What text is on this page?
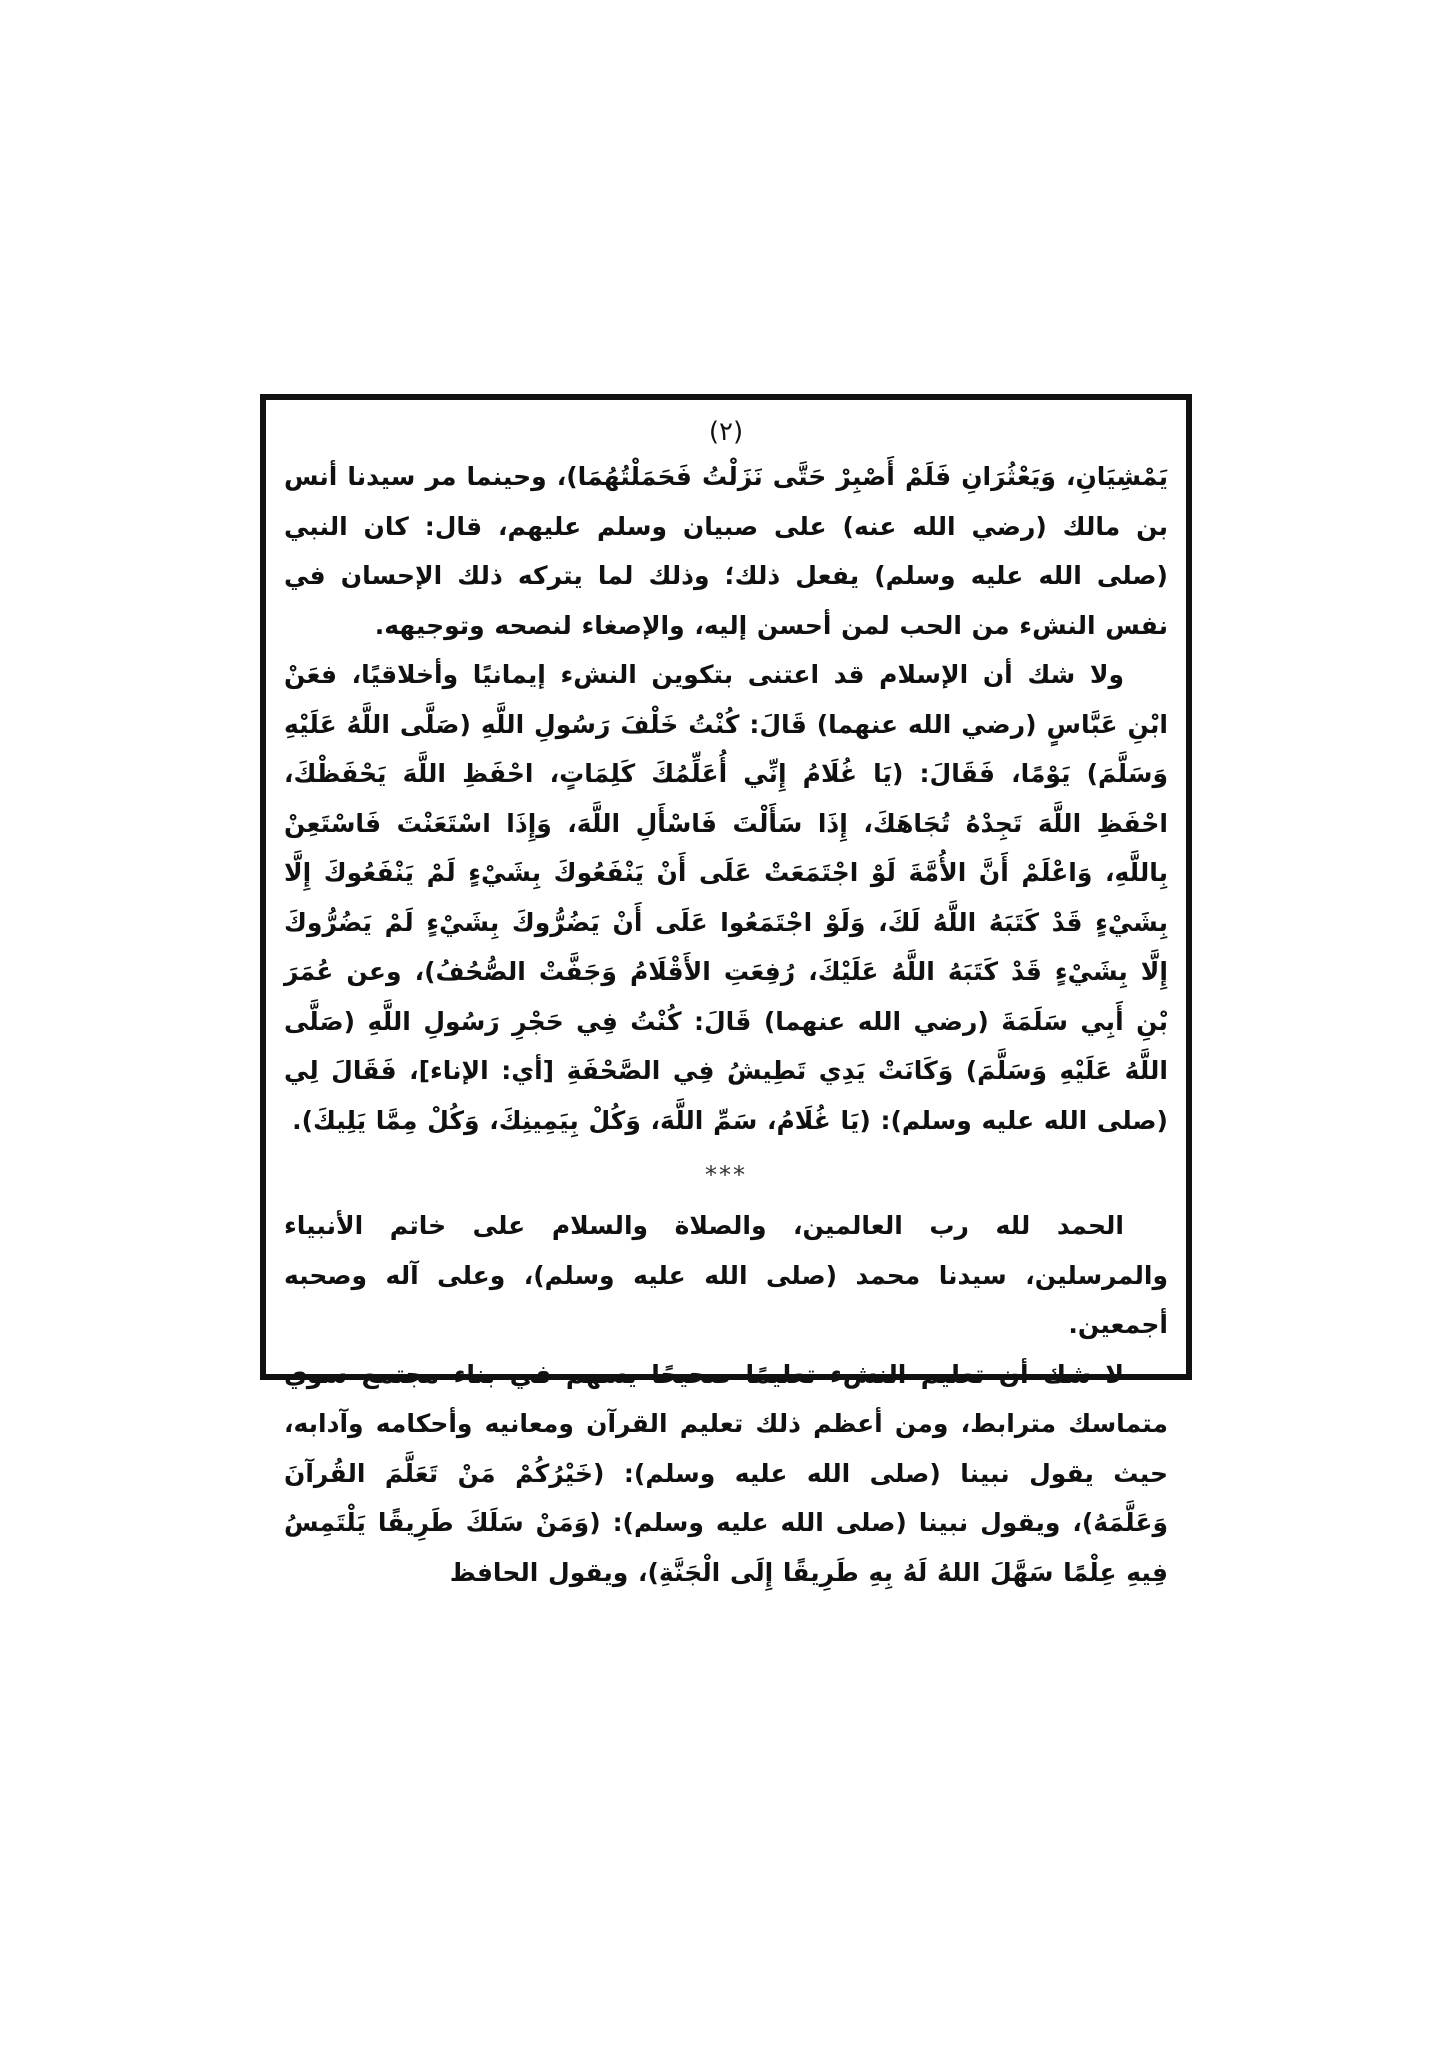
(٢)

يَمْشِيَانِ، وَيَعْثُرَانِ فَلَمْ أَصْبِرْ حَتَّى نَزَلْتُ فَحَمَلْتُهُمَا)، وحينما مر سيدنا أنس بن مالك (رضي الله عنه) على صبيان وسلم عليهم، قال: كان النبي (صلى الله عليه وسلم) يفعل ذلك؛ وذلك لما يتركه ذلك الإحسان في نفس النشء من الحب لمن أحسن إليه، والإصغاء لنصحه وتوجيهه.

ولا شك أن الإسلام قد اعتنى بتكوين النشء إيمانيًا وأخلاقيًا، فعَنْ ابْنِ عَبَّاسٍ (رضي الله عنهما) قَالَ: كُنْتُ خَلْفَ رَسُولِ اللَّهِ (صَلَّى اللَّهُ عَلَيْهِ وَسَلَّمَ) يَوْمًا، فَقَالَ: (يَا غُلَامُ إِنِّي أُعَلِّمُكَ كَلِمَاتٍ، احْفَظِ اللَّهَ يَحْفَظْكَ، احْفَظِ اللَّهَ تَجِدْهُ تُجَاهَكَ، إِذَا سَأَلْتَ فَاسْأَلِ اللَّهَ، وَإِذَا اسْتَعَنْتَ فَاسْتَعِنْ بِاللَّهِ، وَاعْلَمْ أَنَّ الأُمَّةَ لَوْ اجْتَمَعَتْ عَلَى أَنْ يَنْفَعُوكَ بِشَيْءٍ لَمْ يَنْفَعُوكَ إِلَّا بِشَيْءٍ قَدْ كَتَبَهُ اللَّهُ لَكَ، وَلَوْ اجْتَمَعُوا عَلَى أَنْ يَضُرُّوكَ بِشَيْءٍ لَمْ يَضُرُّوكَ إِلَّا بِشَيْءٍ قَدْ كَتَبَهُ اللَّهُ عَلَيْكَ، رُفِعَتِ الأَقْلَامُ وَجَفَّتْ الصُّحُفُ)، وعن عُمَرَ بْنِ أَبِي سَلَمَةَ (رضي الله عنهما) قَالَ: كُنْتُ فِي حَجْرِ رَسُولِ اللَّهِ (صَلَّى اللَّهُ عَلَيْهِ وَسَلَّمَ) وَكَانَتْ يَدِي تَطِيشُ فِي الصَّحْفَةِ [أي: الإناء]، فَقَالَ لِي (صلى الله عليه وسلم): (يَا غُلَامُ، سَمِّ اللَّهَ، وَكُلْ بِيَمِينِكَ، وَكُلْ مِمَّا يَلِيكَ).

***

الحمد لله رب العالمين، والصلاة والسلام على خاتم الأنبياء والمرسلين، سيدنا محمد (صلى الله عليه وسلم)، وعلى آله وصحبه أجمعين.

لا شك أن تعليم النشء تعليمًا صحيحًا يسهم في بناء مجتمع سوي متماسك مترابط، ومن أعظم ذلك تعليم القرآن ومعانيه وأحكامه وآدابه، حيث يقول نبينا (صلى الله عليه وسلم): (خَيْرُكُمْ مَنْ تَعَلَّمَ القُرآنَ وَعَلَّمَهُ)، ويقول نبينا (صلى الله عليه وسلم): (وَمَنْ سَلَكَ طَرِيقًا يَلْتَمِسُ فِيهِ عِلْمًا سَهَّلَ اللهُ لَهُ بِهِ طَرِيقًا إِلَى الْجَنَّةِ)، ويقول الحافظ
